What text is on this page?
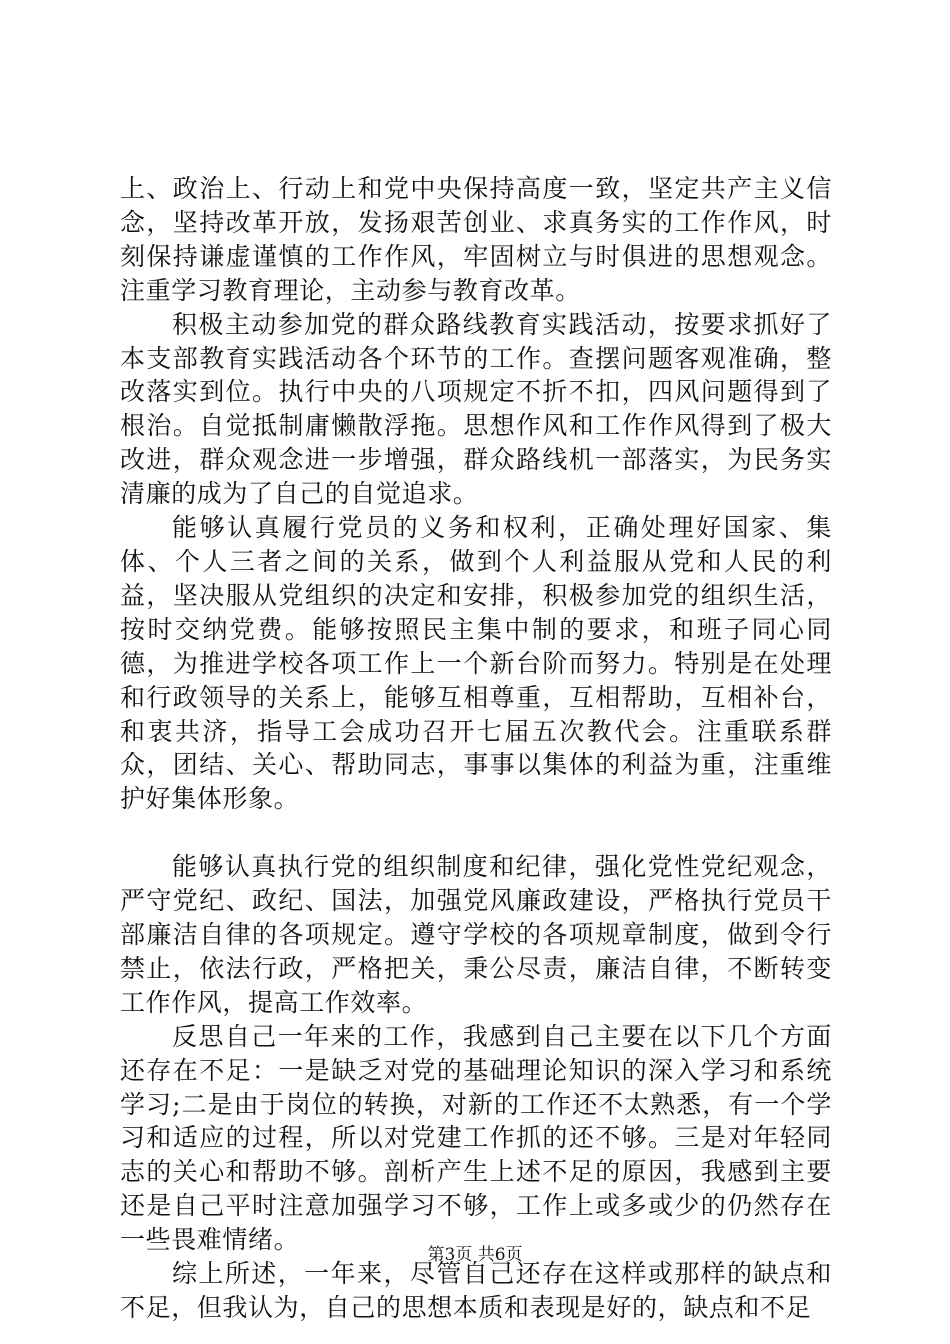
上、政治上、行动上和党中央保持高度一致，坚定共产主义信念，坚持改革开放，发扬艰苦创业、求真务实的工作作风，时刻保持谦虚谨慎的工作作风，牢固树立与时俱进的思想观念。注重学习教育理论，主动参与教育改革。

积极主动参加党的群众路线教育实践活动，按要求抓好了本支部教育实践活动各个环节的工作。查摆问题客观准确，整改落实到位。执行中央的八项规定不折不扣，四风问题得到了根治。自觉抵制庸懒散浮拖。思想作风和工作作风得到了极大改进，群众观念进一步增强，群众路线机一部落实，为民务实清廉的成为了自己的自觉追求。

能够认真履行党员的义务和权利，正确处理好国家、集体、个人三者之间的关系，做到个人利益服从党和人民的利益，坚决服从党组织的决定和安排，积极参加党的组织生活，按时交纳党费。能够按照民主集中制的要求，和班子同心同德，为推进学校各项工作上一个新台阶而努力。特别是在处理和行政领导的关系上，能够互相尊重，互相帮助，互相补台，和衷共济，指导工会成功召开七届五次教代会。注重联系群众，团结、关心、帮助同志，事事以集体的利益为重，注重维护好集体形象。

能够认真执行党的组织制度和纪律，强化党性党纪观念，严守党纪、政纪、国法，加强党风廉政建设，严格执行党员干部廉洁自律的各项规定。遵守学校的各项规章制度，做到令行禁止，依法行政，严格把关，秉公尽责，廉洁自律，不断转变工作作风，提高工作效率。

反思自己一年来的工作，我感到自己主要在以下几个方面还存在不足：一是缺乏对党的基础理论知识的深入学习和系统学习;二是由于岗位的转换，对新的工作还不太熟悉，有一个学习和适应的过程，所以对党建工作抓的还不够。三是对年轻同志的关心和帮助不够。剖析产生上述不足的原因，我感到主要还是自己平时注意加强学习不够，工作上或多或少的仍然存在一些畏难情绪。

综上所述，一年来，尽管自己还存在这样或那样的缺点和不足，但我认为，自己的思想本质和表现是好的，缺点和不足

第3页 共6页
